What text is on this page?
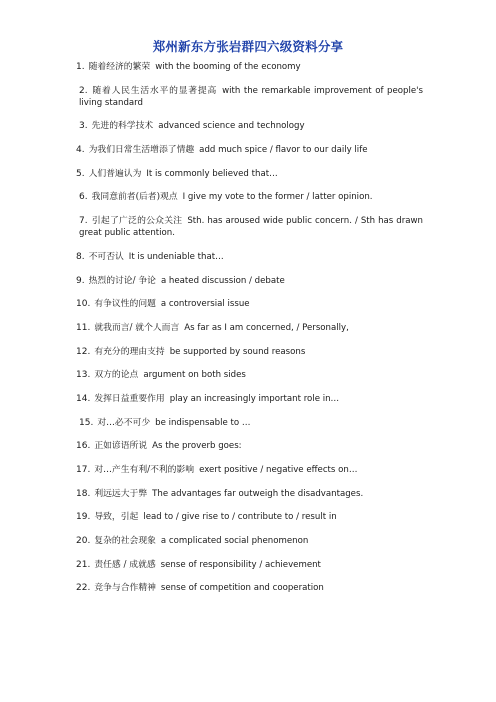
郑州新东方张岩群四六级资料分享
1. 随着经济的繁荣 with the booming of the economy
2. 随着人民生活水平的显著提高 with the remarkable improvement of people's living standard
3. 先进的科学技术 advanced science and technology
4. 为我们日常生活增添了情趣 add much spice / flavor to our daily life
5. 人们普遍认为 It is commonly believed that…
6. 我同意前者(后者)观点 I give my vote to the former / latter opinion.
7. 引起了广泛的公众关注 Sth. has aroused wide public concern. / Sth has drawn great public attention.
8. 不可否认 It is undeniable that…
9. 热烈的讨论/ 争论 a heated discussion / debate
10. 有争议性的问题 a controversial issue
11. 就我而言/ 就个人而言 As far as I am concerned, / Personally,
12. 有充分的理由支持 be supported by sound reasons
13. 双方的论点 argument on both sides
14. 发挥日益重要作用 play an increasingly important role in…
15. 对…必不可少 be indispensable to …
16. 正如谚语所说 As the proverb goes:
17. 对…产生有利/不利的影响 exert positive / negative effects on…
18. 利远远大于弊 The advantages far outweigh the disadvantages.
19. 导致，引起 lead to / give rise to / contribute to / result in
20. 复杂的社会现象 a complicated social phenomenon
21. 责任感 / 成就感 sense of responsibility / achievement
22. 竞争与合作精神 sense of competition and cooperation
